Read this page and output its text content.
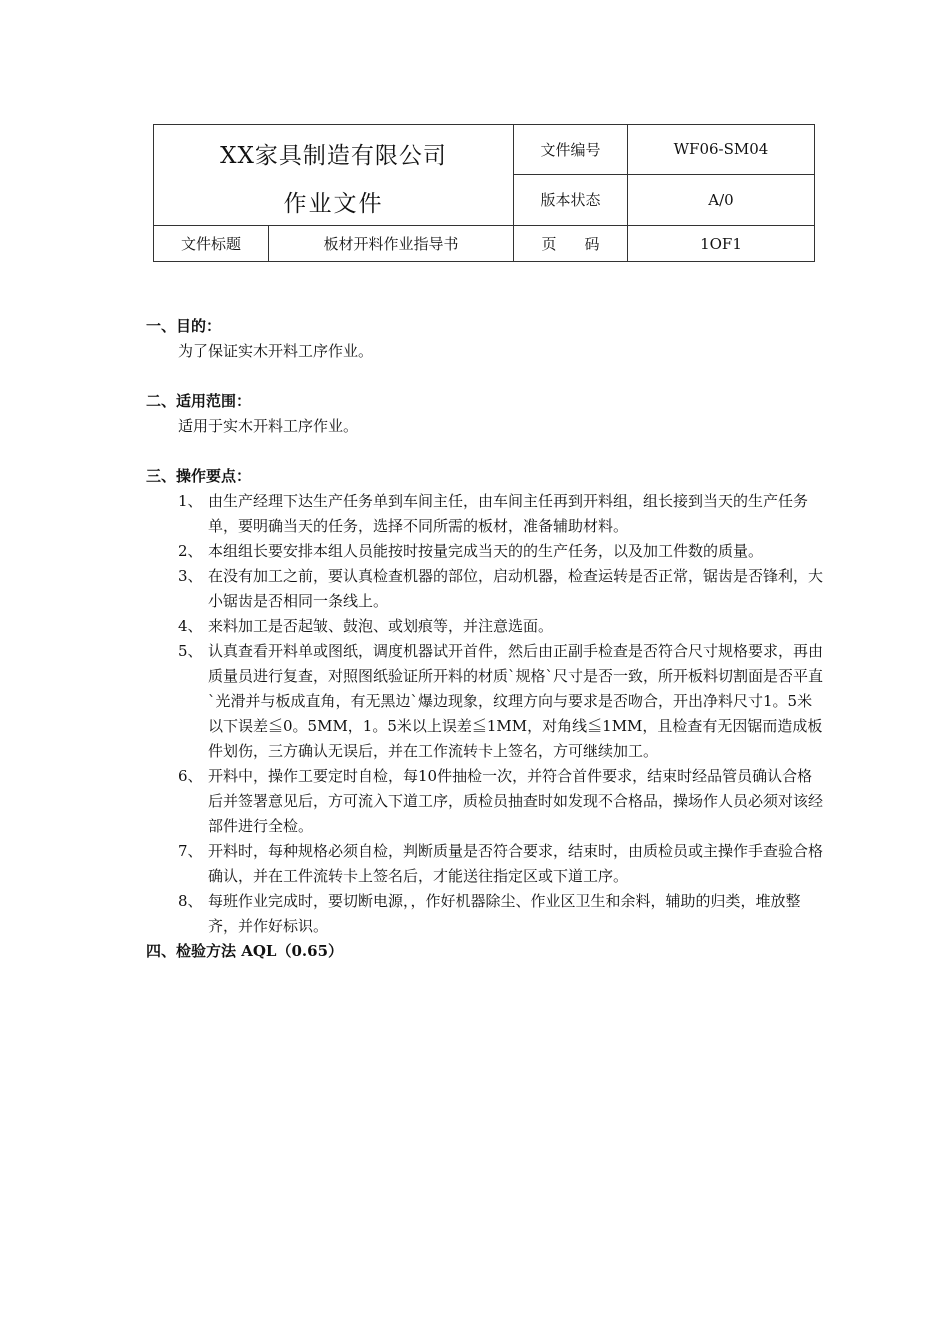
XX家具制造有限公司
作业文件		文件编号	WF06-SM04
		版本状态	A/0
文件标题	板材开料作业指导书	页 码	1OF1

一、目的：

为了保证实木开料工序作业。

二、适用范围：

适用于实木开料工序作业。

三、操作要点：

1、 由生产经理下达生产任务单到车间主任，由车间主任再到开料组，组长接到当天的生产任务单，要明确当天的任务，选择不同所需的板材，准备辅助材料。
2、 本组组长要安排本组人员能按时按量完成当天的的生产任务，以及加工件数的质量。
3、 在没有加工之前，要认真检查机器的部位，启动机器，检查运转是否正常，锯齿是否锋利，大小锯齿是否相同一条线上。
4、 来料加工是否起皱、鼓泡、或划痕等，并注意选面。
5、 认真查看开料单或图纸，调度机器试开首件，然后由正副手检查是否符合尺寸规格要求，再由质量员进行复查，对照图纸验证所开料的材质`规格`尺寸是否一致，所开板料切割面是否平直`光滑并与板成直角，有无黑边`爆边现象，纹理方向与要求是否吻合，开出净料尺寸1。5米以下误差≦0。5MM，1。5米以上误差≦1MM，对角线≦1MM，且检查有无因锯而造成板件划伤，三方确认无误后，并在工作流转卡上签名，方可继续加工。
6、 开料中，操作工要定时自检，每10件抽检一次，并符合首件要求，结束时经品管员确认合格后并签署意见后，方可流入下道工序，质检员抽查时如发现不合格品，操场作人员必须对该经部件进行全检。
7、 开料时，每种规格必须自检，判断质量是否符合要求，结束时，由质检员或主操作手查验合格确认，并在工件流转卡上签名后，才能送往指定区或下道工序。
8、 每班作业完成时，要切断电源，，作好机器除尘、作业区卫生和余料，辅助的归类，堆放整齐，并作好标识。

四、检验方法 AQL（0.65）
